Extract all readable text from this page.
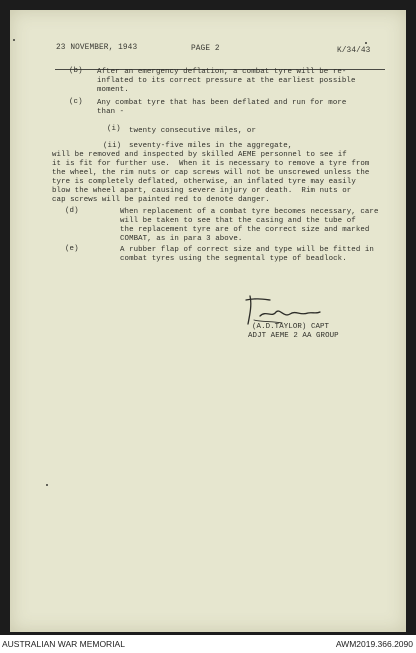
23 NOVEMBER, 1943	PAGE 2	K/34/43
(b) After an emergency deflation, a combat tyre will be re-
inflated to its correct pressure at the earliest possible
moment.
(c) Any combat tyre that has been deflated and run for more
than -
(i) twenty consecutive miles, or
(ii) seventy-five miles in the aggregate,
will be removed and inspected by skilled AEME personnel to see if
it is fit for further use.  When it is necessary to remove a tyre from
the wheel, the rim nuts or cap screws will not be unscrewed unless the
tyre is completely deflated, otherwise, an inflated tyre may easily
blow the wheel apart, causing severe injury or death.  Rim nuts or
cap screws will be painted red to denote danger.
(d)	When replacement of a combat tyre becomes necessary, care
will be taken to see that the casing and the tube of
the replacement tyre are of the correct size and marked
COMBAT, as in para 3 above.
(e)	A rubber flap of correct size and type will be fitted in
combat tyres using the segmental type of beadlock.
(A.D.TAYLOR) CAPT
ADJT AEME 2 AA GROUP
AUSTRALIAN WAR MEMORIAL	AWM2019.366.2090
